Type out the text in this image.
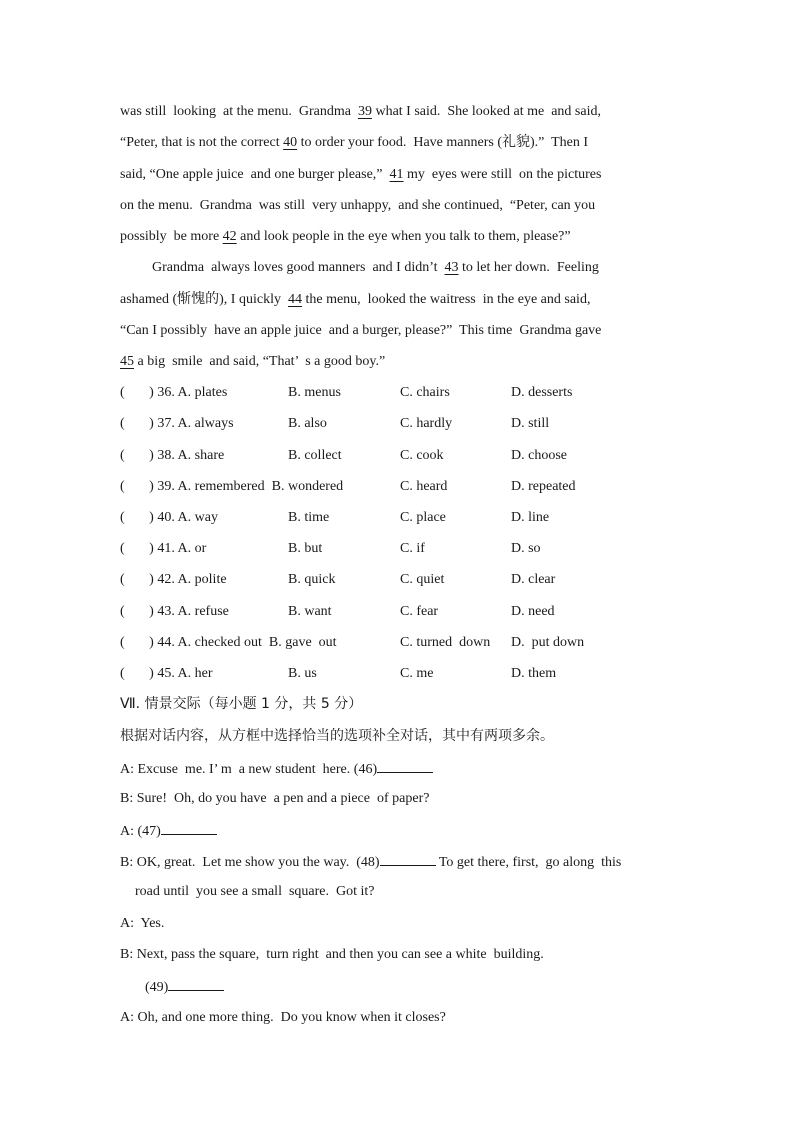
was still  looking  at the menu.  Grandma  39 what I said.  She looked at me  and said,
“Peter, that is not the correct 40 to order your food.  Have manners (礼貌).”  Then I
said, “One apple juice  and one burger please,”  41 my  eyes were still  on the pictures
on the menu.  Grandma  was still  very unhappy,  and she continued,  “Peter, can you
possibly  be more 42 and look people in the eye when you talk to them, please?”
Grandma  always loves good manners  and I didn’t  43 to let her down.  Feeling
ashamed (惭愧的), I quickly  44 the menu,  looked the waitress  in the eye and said,
“Can I possibly  have an apple juice  and a burger, please?”  This time  Grandma gave
45 a big  smile  and said, “That’  s a good boy.”
(       ) 36. A. plates	B. menus	C. chairs	D. desserts
(       ) 37. A. always	B. also	C. hardly	D. still
(       ) 38. A. share	B. collect	C. cook	D. choose
(       ) 39. A. remembered  B. wondered	C. heard	D. repeated
(       ) 40. A. way	B. time	C. place	D. line
(       ) 41. A. or	B. but	C. if	D. so
(       ) 42. A. polite	B. quick	C. quiet	D. clear
(       ) 43. A. refuse	B. want	C. fear	D. need
(       ) 44. A. checked out  B. gave  out	C. turned  down D.  put down
(       ) 45. A. her	B. us	C. me	D. them
Ⅶ. 情景交际（每小题 1 分，共 5 分）
根据对话内容，从方框中选择恰当的选项补全对话，其中有两项多余。
A: Excuse  me. I’ m  a new student  here. (46)
B: Sure!  Oh, do you have  a pen and a piece  of paper?
A: (47)
B: OK, great.  Let me show you the way.  (48)	To get there, first,  go along  this
road until  you see a small  square.  Got it?
A:  Yes.
B: Next, pass the square,  turn right  and then you can see a white  building.
(49)
A: Oh, and one more thing.  Do you know when it closes?
